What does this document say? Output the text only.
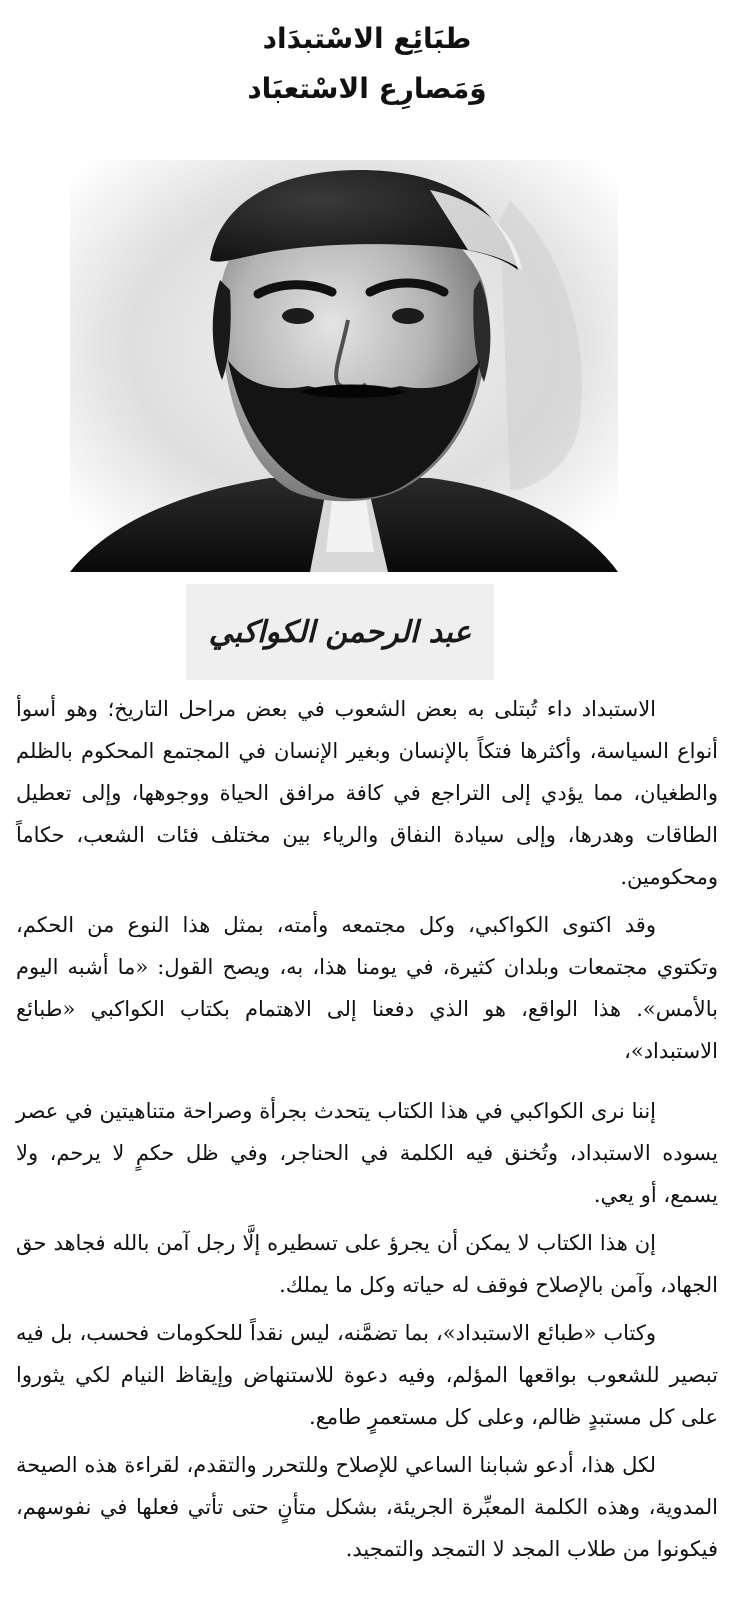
طبَائِع الاسْتبدَاد
وَمَصارِع الاسْتعبَاد
عبد الرحمن الكواكبي

الاستبداد داء تُبتلى به بعض الشعوب في بعض مراحل التاريخ؛ وهو أسوأ أنواع السياسة، وأكثرها فتكاً بالإنسان وبغير الإنسان في المجتمع المحكوم بالظلم والطغيان، مما يؤدي إلى التراجع في كافة مرافق الحياة ووجوهها، وإلى تعطيل الطاقات وهدرها، وإلى سيادة النفاق والرياء بين مختلف فئات الشعب، حكاماً ومحكومين.

وقد اكتوى الكواكبي، وكل مجتمعه وأمته، بمثل هذا النوع من الحكم، وتكتوي مجتمعات وبلدان كثيرة، في يومنا هذا، به، ويصح القول: «ما أشبه اليوم بالأمس». هذا الواقع، هو الذي دفعنا إلى الاهتمام بكتاب الكواكبي «طبائع الاستبداد»،

إننا نرى الكواكبي في هذا الكتاب يتحدث بجرأة وصراحة متناهيتين في عصر يسوده الاستبداد، وتُخنق فيه الكلمة في الحناجر، وفي ظل حكمٍ لا يرحم، ولا يسمع، أو يعي.

إن هذا الكتاب لا يمكن أن يجرؤ على تسطيره إلَّا رجل آمن بالله فجاهد حق الجهاد، وآمن بالإصلاح فوقف له حياته وكل ما يملك.

وكتاب «طبائع الاستبداد»، بما تضمَّنه، ليس نقداً للحكومات فحسب، بل فيه تبصير للشعوب بواقعها المؤلم، وفيه دعوة للاستنهاض وإيقاظ النيام لكي يثوروا على كل مستبدٍ ظالم، وعلى كل مستعمرٍ طامع.

لكل هذا، أدعو شبابنا الساعي للإصلاح وللتحرر والتقدم، لقراءة هذه الصيحة المدوية، وهذه الكلمة المعبِّرة الجريئة، بشكل متأنٍ حتى تأتي فعلها في نفوسهم، فيكونوا من طلاب المجد لا التمجد والتمجيد.
